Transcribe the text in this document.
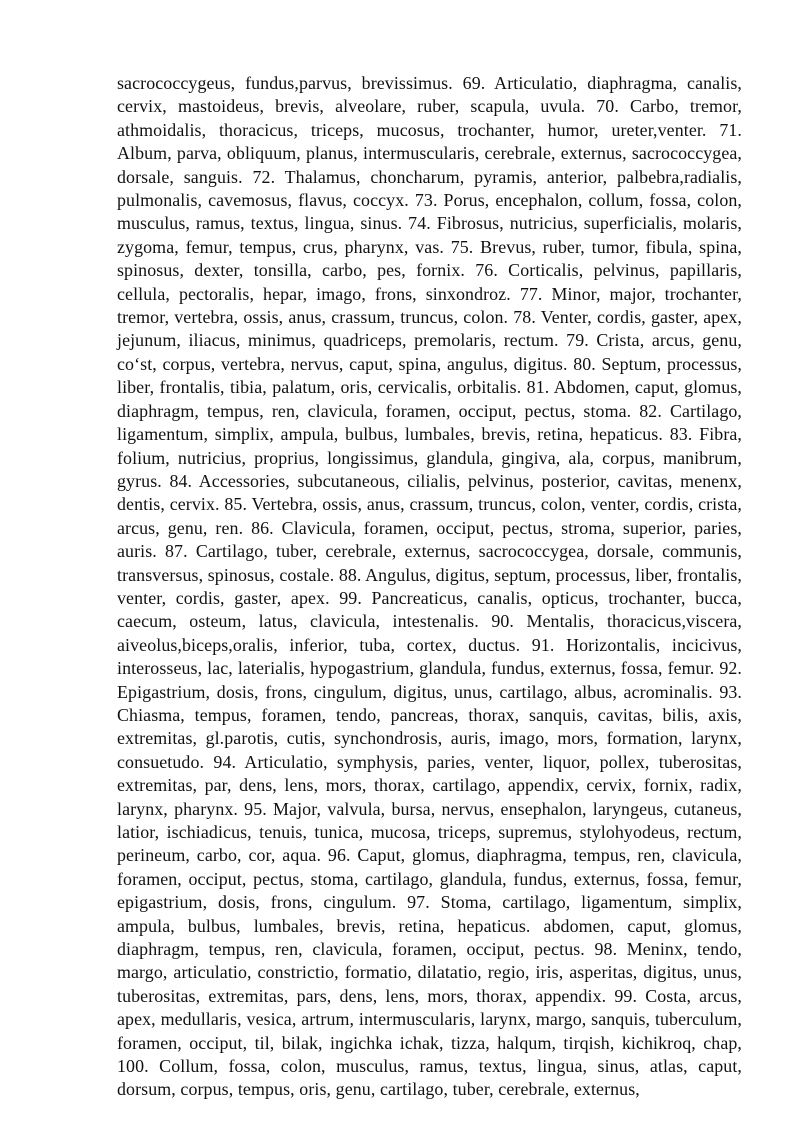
sacrococcygeus, fundus,parvus, brevissimus. 69. Articulatio, diaphragma, canalis, cervix, mastoideus, brevis, alveolare, ruber, scapula, uvula. 70. Carbo, tremor, athmoidalis, thoracicus, triceps, mucosus, trochanter, humor, ureter,venter. 71. Album, parva, obliquum, planus, intermuscularis, cerebrale, externus, sacrococcygea, dorsale, sanguis. 72. Thalamus, choncharum, pyramis, anterior, palbebra,radialis, pulmonalis, cavemosus, flavus, coccyx. 73. Porus, encephalon, collum, fossa, colon, musculus, ramus, textus, lingua, sinus. 74. Fibrosus, nutricius, superficialis, molaris, zygoma, femur, tempus, crus, pharynx, vas. 75. Brevus, ruber, tumor, fibula, spina, spinosus, dexter, tonsilla, carbo, pes, fornix. 76. Corticalis, pelvinus, papillaris, cellula, pectoralis, hepar, imago, frons, sinxondroz. 77. Minor, major, trochanter, tremor, vertebra, ossis, anus, crassum, truncus, colon. 78. Venter, cordis, gaster, apex, jejunum, iliacus, minimus, quadriceps, premolaris, rectum. 79. Crista, arcus, genu, co‘st, corpus, vertebra, nervus, caput, spina, angulus, digitus. 80. Septum, processus, liber, frontalis, tibia, palatum, oris, cervicalis, orbitalis. 81. Abdomen, caput, glomus, diaphragm, tempus, ren, clavicula, foramen, occiput, pectus, stoma. 82. Cartilago, ligamentum, simplix, ampula, bulbus, lumbales, brevis, retina, hepaticus. 83. Fibra, folium, nutricius, proprius, longissimus, glandula, gingiva, ala, corpus, manibrum, gyrus. 84. Accessories, subcutaneous, cilialis, pelvinus, posterior, cavitas, menenx, dentis, cervix. 85. Vertebra, ossis, anus, crassum, truncus, colon, venter, cordis, crista, arcus, genu, ren. 86. Clavicula, foramen, occiput, pectus, stroma, superior, paries, auris. 87. Cartilago, tuber, cerebrale, externus, sacrococcygea, dorsale, communis, transversus, spinosus, costale. 88. Angulus, digitus, septum, processus, liber, frontalis, venter, cordis, gaster, apex. 99. Pancreaticus, canalis, opticus, trochanter, bucca, caecum, osteum, latus, clavicula, intestenalis. 90. Mentalis, thoracicus,viscera, aiveolus,biceps,oralis, inferior, tuba, cortex, ductus. 91. Horizontalis, incicivus, interosseus, lac, laterialis, hypogastrium, glandula, fundus, externus, fossa, femur. 92. Epigastrium, dosis, frons, cingulum, digitus, unus, cartilago, albus, acrominalis. 93. Chiasma, tempus, foramen, tendo, pancreas, thorax, sanquis, cavitas, bilis, axis, extremitas, gl.parotis, cutis, synchondrosis, auris, imago, mors, formation, larynx, consuetudo. 94. Articulatio, symphysis, paries, venter, liquor, pollex, tuberositas, extremitas, par, dens, lens, mors, thorax, cartilago, appendix, cervix, fornix, radix, larynx, pharynx. 95. Major, valvula, bursa, nervus, ensephalon, laryngeus, cutaneus, latior, ischiadicus, tenuis, tunica, mucosa, triceps, supremus, stylohyodeus, rectum, perineum, carbo, cor, aqua. 96. Caput, glomus, diaphragma, tempus, ren, clavicula, foramen, occiput, pectus, stoma, cartilago, glandula, fundus, externus, fossa, femur, epigastrium, dosis, frons, cingulum. 97. Stoma, cartilago, ligamentum, simplix, ampula, bulbus, lumbales, brevis, retina, hepaticus. abdomen, caput, glomus, diaphragm, tempus, ren, clavicula, foramen, occiput, pectus. 98. Meninx, tendo, margo, articulatio, constrictio, formatio, dilatatio, regio, iris, asperitas, digitus, unus, tuberositas, extremitas, pars, dens, lens, mors, thorax, appendix. 99. Costa, arcus, apex, medullaris, vesica, artrum, intermuscularis, larynx, margo, sanquis, tuberculum, foramen, occiput, til, bilak, ingichka ichak, tizza, halqum, tirqish, kichikroq, chap, 100. Collum, fossa, colon, musculus, ramus, textus, lingua, sinus, atlas, caput, dorsum, corpus, tempus, oris, genu, cartilago, tuber, cerebrale, externus,
